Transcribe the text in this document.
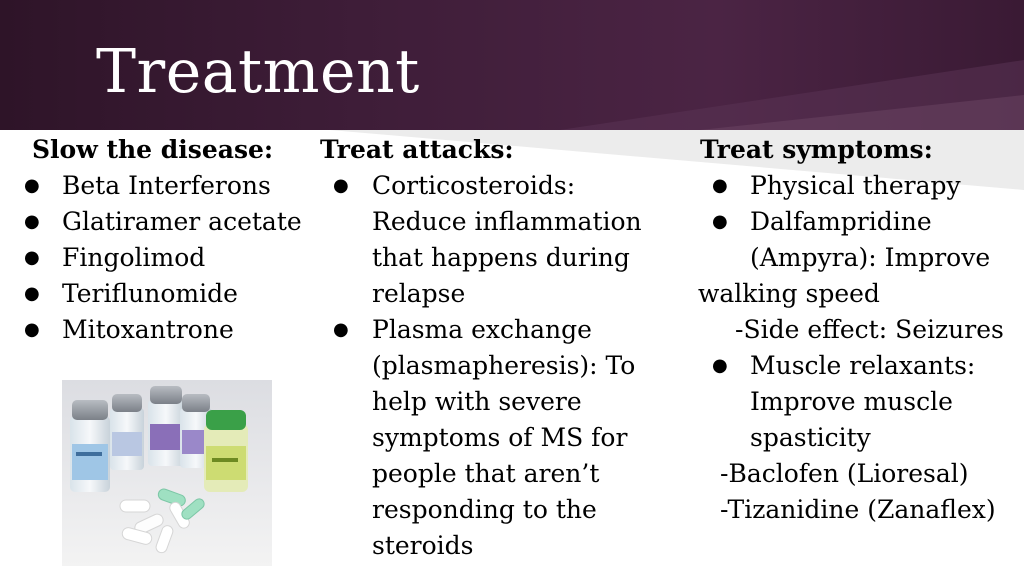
Treatment
Slow the disease:
● Beta Interferons
● Glatiramer acetate
● Fingolimod
● Teriflunomide
● Mitoxantrone
Treat attacks:
● Corticosteroids:
Reduce inflammation
that happens during
relapse
● Plasma exchange
(plasmapheresis): To
help with severe
symptoms of MS for
people that aren’t
responding to the
steroids
Treat symptoms:
● Physical therapy
● Dalfampridine
(Ampyra): Improve
walking speed
-Side effect: Seizures
● Muscle relaxants:
Improve muscle
spasticity
-Baclofen (Lioresal)
-Tizanidine (Zanaflex)
